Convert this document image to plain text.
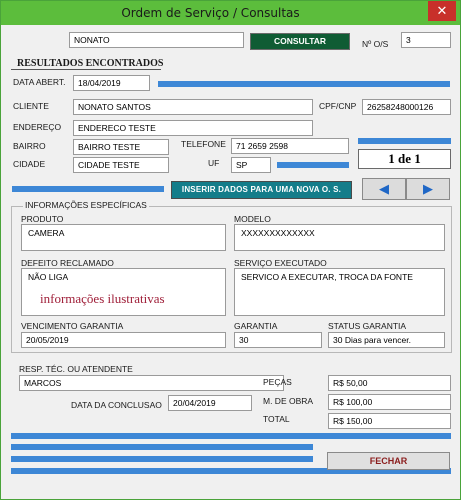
Ordem de Serviço / Consultas	✕
NONATO	CONSULTAR	Nº O/S	3
RESULTADOS ENCONTRADOS
DATA ABERT.	18/04/2019
CLIENTE	NONATO SANTOS	CPF/CNP	26258248000126
ENDEREÇO	ENDERECO TESTE
BAIRRO	BAIRRO TESTE	TELEFONE	71 2659 2598
CIDADE	CIDADE TESTE	UF	SP	1 de 1
INSERIR DADOS PARA UMA NOVA O. S.	◀	▶
INFORMAÇÕES ESPECÍFICAS
PRODUTO
CAMERA
MODELO
XXXXXXXXXXXXX
DEFEITO RECLAMADO
NÃO LIGA
informações ilustrativas
SERVIÇO EXECUTADO
SERVICO A EXECUTAR, TROCA DA FONTE
VENCIMENTO GARANTIA
20/05/2019
GARANTIA
30
STATUS GARANTIA
30 Dias para vencer.
RESP. TÉC. OU ATENDENTE
MARCOS
DATA DA CONCLUSAO	20/04/2019
PEÇAS	R$ 50,00
M. DE OBRA	R$ 100,00
TOTAL	R$ 150,00
FECHAR
